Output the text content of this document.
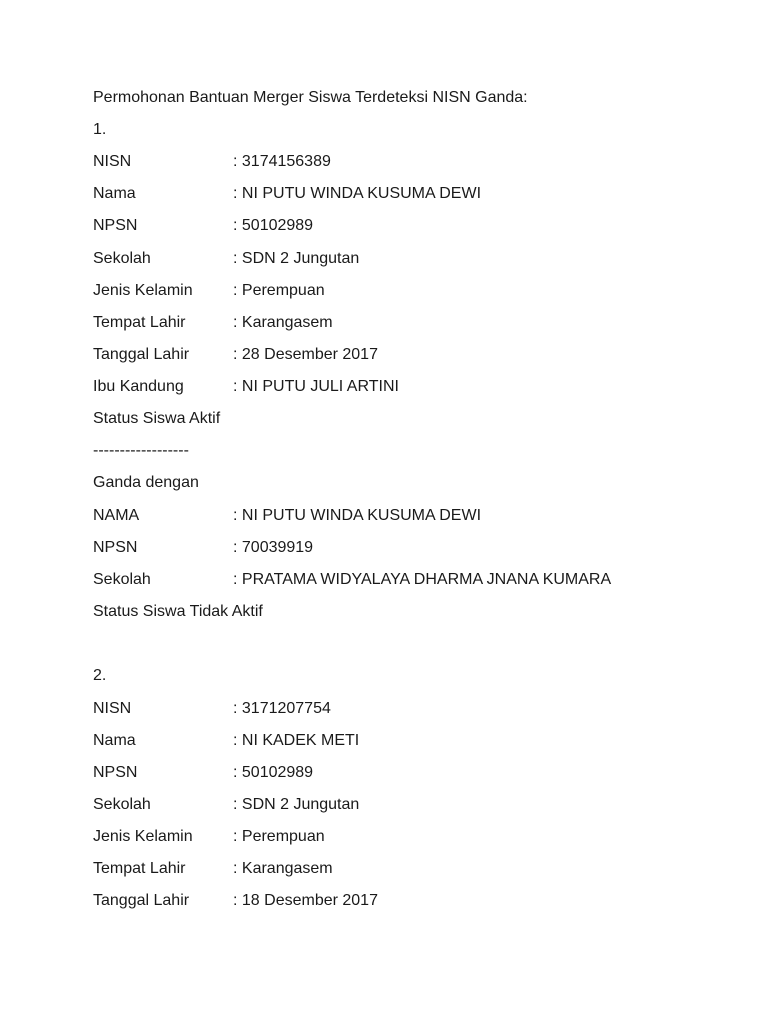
Permohonan Bantuan Merger Siswa Terdeteksi NISN Ganda:
1.
NISN	: 3174156389
Nama	: NI PUTU WINDA KUSUMA DEWI
NPSN	: 50102989
Sekolah	: SDN 2 Jungutan
Jenis Kelamin	: Perempuan
Tempat Lahir	: Karangasem
Tanggal Lahir	: 28 Desember 2017
Ibu Kandung	: NI PUTU JULI ARTINI
Status Siswa Aktif
------------------
Ganda dengan
NAMA	: NI PUTU WINDA KUSUMA DEWI
NPSN	: 70039919
Sekolah	: PRATAMA WIDYALAYA DHARMA JNANA KUMARA
Status Siswa Tidak Aktif
2.
NISN	: 3171207754
Nama	: NI KADEK METI
NPSN	: 50102989
Sekolah	: SDN 2 Jungutan
Jenis Kelamin	: Perempuan
Tempat Lahir	: Karangasem
Tanggal Lahir	: 18 Desember 2017
